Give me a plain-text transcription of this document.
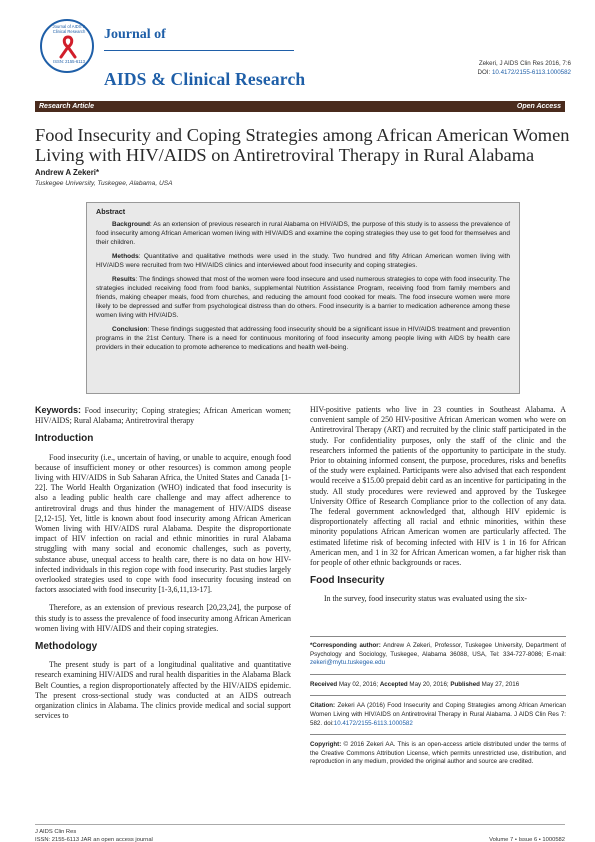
Journal of AIDS & Clinical Research
ISSN: 2155-6113
Journal of
AIDS & Clinical Research
Zekeri, J AIDS Clin Res 2016, 7:6
DOI: 10.4172/2155-6113.1000582
Research Article	Open Access
Food Insecurity and Coping Strategies among African American Women Living with HIV/AIDS on Antiretroviral Therapy in Rural Alabama
Andrew A Zekeri*
Tuskegee University, Tuskegee, Alabama, USA
Abstract

Background: As an extension of previous research in rural Alabama on HIV/AIDS, the purpose of this study is to assess the prevalence of food insecurity among African American women living with HIV/AIDS and examine the coping strategies they use to get food for themselves and their children.

Methods: Quantitative and qualitative methods were used in the study. Two hundred and fifty African American women living with HIV/AIDS were recruited from two HIV/AIDS clinics and interviewed about food insecurity and coping strategies.

Results: The findings showed that most of the women were food insecure and used numerous strategies to cope with food insecurity. The strategies included receiving food from food banks, supplemental Nutrition Assistance Program, receiving food from family members and friends, making cheaper meals, food from churches, and reducing the amount food cooked for meals. The food insecure women were more likely to be depressed and suffer from psychological distress than do others. Food insecurity is a barrier to medication adherence among these women living with HIV/AIDS.

Conclusion: These findings suggested that addressing food insecurity should be a significant issue in HIV/AIDS treatment and prevention programs in the 21st Century. There is a need for continuous monitoring of food insecurity among people living with AIDS by health care providers in their education to promote adherence to medications and health well-being.

Keywords: Food insecurity; Coping strategies; African American women; HIV/AIDS; Rural Alabama; Antiretroviral therapy

Introduction

Food insecurity (i.e., uncertain of having, or unable to acquire, enough food because of insufficient money or other resources) is common among people living with HIV/AIDS in Sub Saharan Africa, the United States and Canada [1-22]. The World Health Organization (WHO) indicated that food insecurity is also a leading public health care challenge and may affect adherence to antiretroviral drugs and thus hinder the management of HIV/AIDS disease [2,12-15]. Yet, little is known about food insecurity among African American Women living with HIV/AIDS rural Alabama. Despite the disproportionate impact of HIV infection on racial and ethnic minorities in rural Alabama struggling with many social and economic challenges, such as poverty, substance abuse, unequal access to health care, there is no data on how HIV-infected individuals in this region cope with food insecurity. Past studies largely overlooked strategies used to cope with food insecurity focusing instead on factors associated with food insecurity [1-3,6,11,13-17].

Therefore, as an extension of previous research [20,23,24], the purpose of this study is to assess the prevalence of food insecurity among African American women living with HIV/AIDS and their coping strategies.

Methodology

The present study is part of a longitudinal qualitative and quantitative research examining HIV/AIDS and rural health disparities in the Alabama Black Belt Counties, a region disproportionately affected by the HIV/AIDS epidemic. The present cross-sectional study was conducted at an AIDS outreach organization clinics in Alabama. The clinics provide medical and social support services to

HIV-positive patients who live in 23 counties in Southeast Alabama. A convenient sample of 250 HIV-positive African American women who were on Antiretroviral Therapy (ART) and recruited by the clinic staff participated in the study. For confidentiality purposes, only the staff of the clinic and the researchers informed the patients of the opportunity to participate in the study. Prior to obtaining informed consent, the purpose, procedures, risks and benefits of the study were explained. Participants were also advised that each respondent would receive a $15.00 prepaid debit card as an incentive for participating in the study. All study procedures were reviewed and approved by the Tuskegee University Office of Research Compliance prior to the collection of any data. The federal government acknowledged that, although HIV epidemic is disproportionately affecting all racial and ethnic minorities, within these minority populations African American women are particularly affected. The estimated lifetime risk of becoming infected with HIV is 1 in 16 for African American men, and 1 in 32 for African American women, a far higher risk than for people of other ethnic backgrounds or races.

Food Insecurity

In the survey, food insecurity status was evaluated using the six-

*Corresponding author: Andrew A Zekeri, Professor, Tuskegee University, Department of Psychology and Sociology, Tuskegee, Alabama 36088, USA, Tel: 334-727-8086; E-mail: zekeri@mytu.tuskegee.edu

Received May 02, 2016; Accepted May 20, 2016; Published May 27, 2016

Citation: Zekeri AA (2016) Food Insecurity and Coping Strategies among African American Women Living with HIV/AIDS on Antiretroviral Therapy in Rural Alabama. J AIDS Clin Res 7: 582. doi:10.4172/2155-6113.1000582

Copyright: © 2016 Zekeri AA. This is an open-access article distributed under the terms of the Creative Commons Attribution License, which permits unrestricted use, distribution, and reproduction in any medium, provided the original author and source are credited.

J AIDS Clin Res
ISSN: 2155-6113 JAR an open access journal	Volume 7 • Issue 6 • 1000582
